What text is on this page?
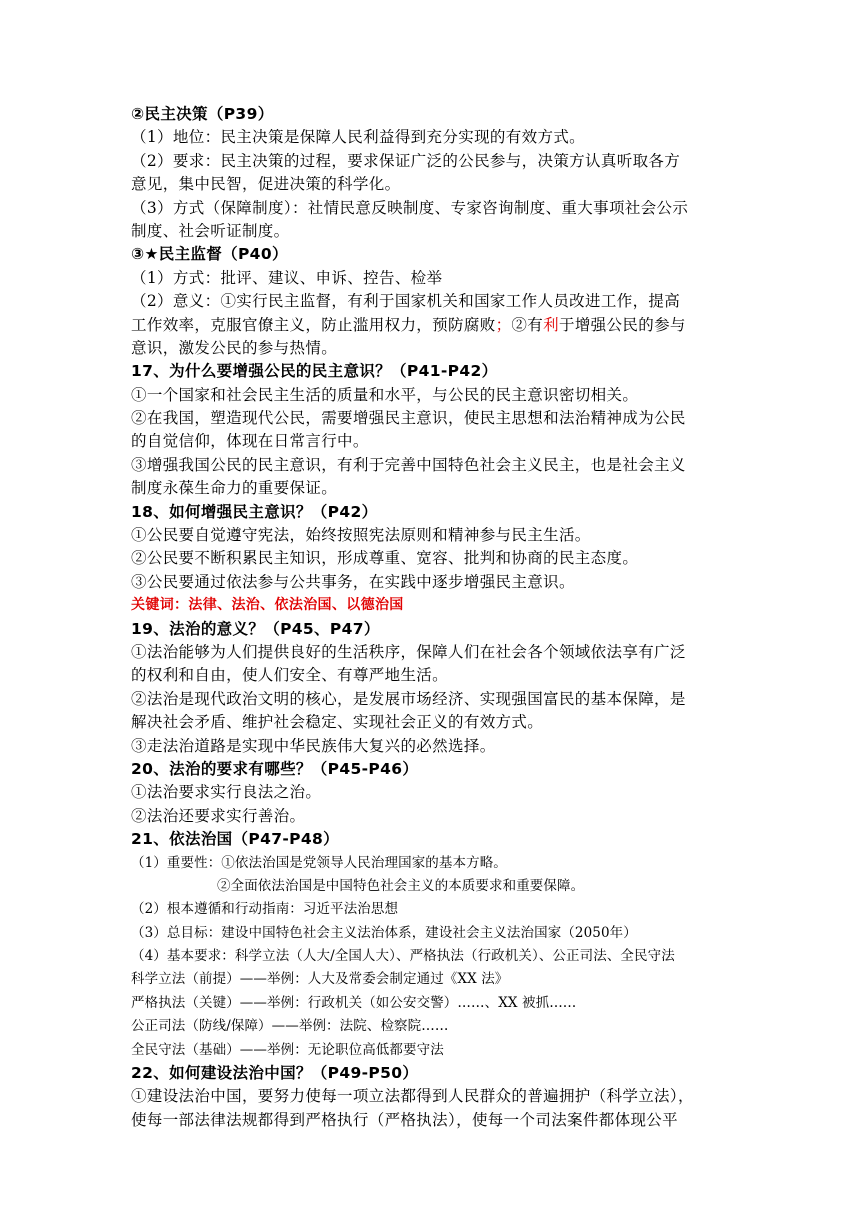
②民主决策（P39）
（1）地位：民主决策是保障人民利益得到充分实现的有效方式。
（2）要求：民主决策的过程，要求保证广泛的公民参与，决策方认真听取各方
意见，集中民智，促进决策的科学化。
（3）方式（保障制度）：社情民意反映制度、专家咨询制度、重大事项社会公示
制度、社会听证制度。
③★民主监督（P40）
（1）方式：批评、建议、申诉、控告、检举
（2）意义：①实行民主监督，有利于国家机关和国家工作人员改进工作，提高
工作效率，克服官僚主义，防止滥用权力，预防腐败；②有利于增强公民的参与
意识，激发公民的参与热情。
17、为什么要增强公民的民主意识？（P41-P42）
①一个国家和社会民主生活的质量和水平，与公民的民主意识密切相关。
②在我国，塑造现代公民，需要增强民主意识，使民主思想和法治精神成为公民
的自觉信仰，体现在日常言行中。
③增强我国公民的民主意识，有利于完善中国特色社会主义民主，也是社会主义
制度永葆生命力的重要保证。
18、如何增强民主意识？（P42）
①公民要自觉遵守宪法，始终按照宪法原则和精神参与民主生活。
②公民要不断积累民主知识，形成尊重、宽容、批判和协商的民主态度。
③公民要通过依法参与公共事务，在实践中逐步增强民主意识。
关键词：法律、法治、依法治国、以德治国
19、法治的意义？（P45、P47）
①法治能够为人们提供良好的生活秩序，保障人们在社会各个领域依法享有广泛
的权利和自由，使人们安全、有尊严地生活。
②法治是现代政治文明的核心，是发展市场经济、实现强国富民的基本保障，是
解决社会矛盾、维护社会稳定、实现社会正义的有效方式。
③走法治道路是实现中华民族伟大复兴的必然选择。
20、法治的要求有哪些？（P45-P46）
①法治要求实行良法之治。
②法治还要求实行善治。
21、依法治国（P47-P48）
（1）重要性：①依法治国是党领导人民治理国家的基本方略。
②全面依法治国是中国特色社会主义的本质要求和重要保障。
（2）根本遵循和行动指南：习近平法治思想
（3）总目标：建设中国特色社会主义法治体系，建设社会主义法治国家（2050年）
（4）基本要求：科学立法（人大/全国人大）、严格执法（行政机关）、公正司法、全民守法
科学立法（前提）——举例：人大及常委会制定通过《XX 法》
严格执法（关键）——举例：行政机关（如公安交警）……、XX 被抓……
公正司法（防线/保障）——举例：法院、检察院……
全民守法（基础）——举例：无论职位高低都要守法
22、如何建设法治中国？（P49-P50）
①建设法治中国，要努力使每一项立法都得到人民群众的普遍拥护（科学立法），
使每一部法律法规都得到严格执行（严格执法），使每一个司法案件都体现公平
